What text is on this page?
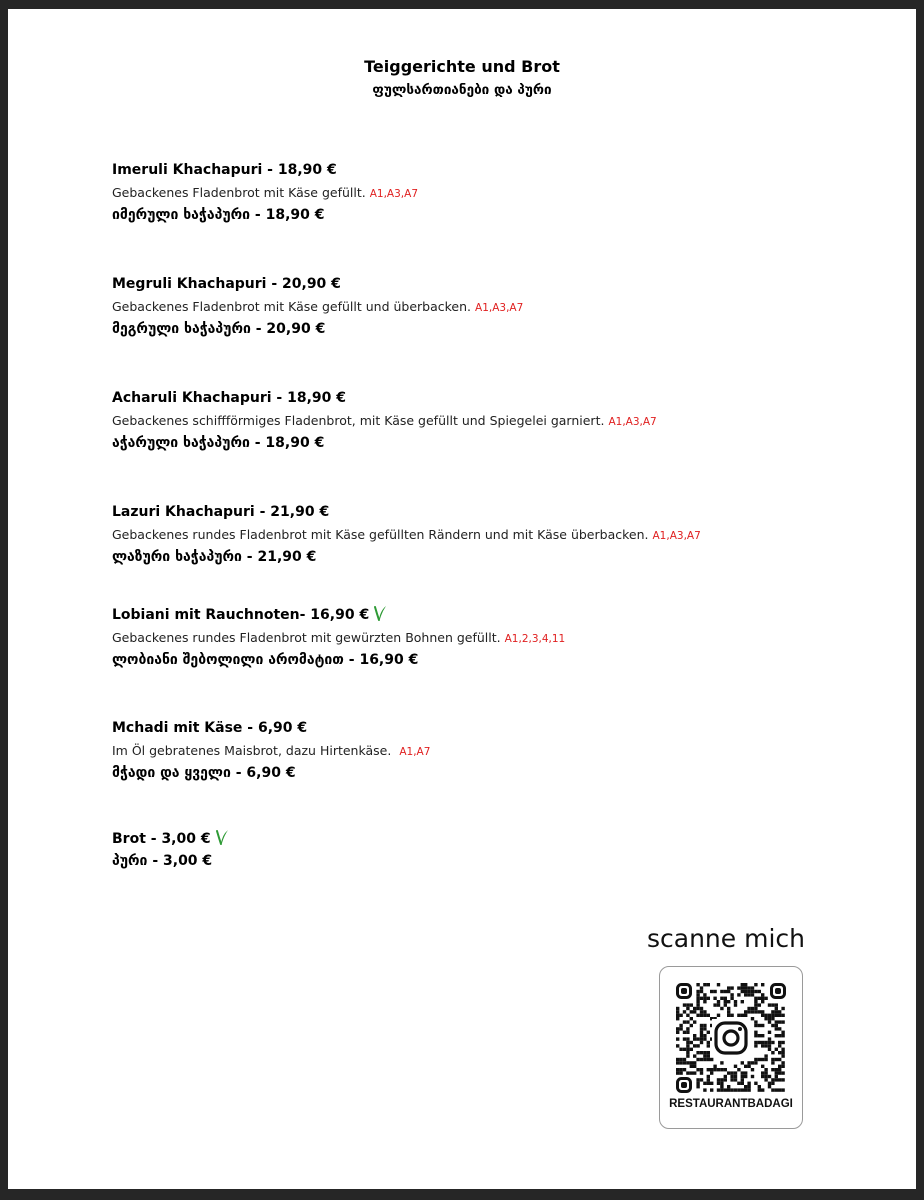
Teiggerichte und Brot
ფულსართიანები და პური
Imeruli Khachapuri - 18,90 €
Gebackenes Fladenbrot mit Käse gefüllt. A1,A3,A7
იმერული ხაჭაპური - 18,90 €
Megruli Khachapuri - 20,90 €
Gebackenes Fladenbrot mit Käse gefüllt und überbacken. A1,A3,A7
მეგრული ხაჭაპური - 20,90 €
Acharuli Khachapuri - 18,90 €
Gebackenes schiffförmiges Fladenbrot, mit Käse gefüllt und Spiegelei garniert. A1,A3,A7
აჭარული ხაჭაპური - 18,90 €
Lazuri Khachapuri - 21,90 €
Gebackenes rundes Fladenbrot mit Käse gefüllten Rändern und mit Käse überbacken. A1,A3,A7
ლაზური ხაჭაპური - 21,90 €
Lobiani mit Rauchnoten- 16,90 €
Gebackenes rundes Fladenbrot mit gewürzten Bohnen gefüllt. A1,2,3,4,11
ლობიანი შებოლილი არომატით - 16,90 €
Mchadi mit Käse - 6,90 €
Im Öl gebratenes Maisbrot, dazu Hirtenkäse. A1,A7
მჭადი და ყველი - 6,90 €
Brot - 3,00 €
პური - 3,00 €
scanne mich
RESTAURANTBADAGI
